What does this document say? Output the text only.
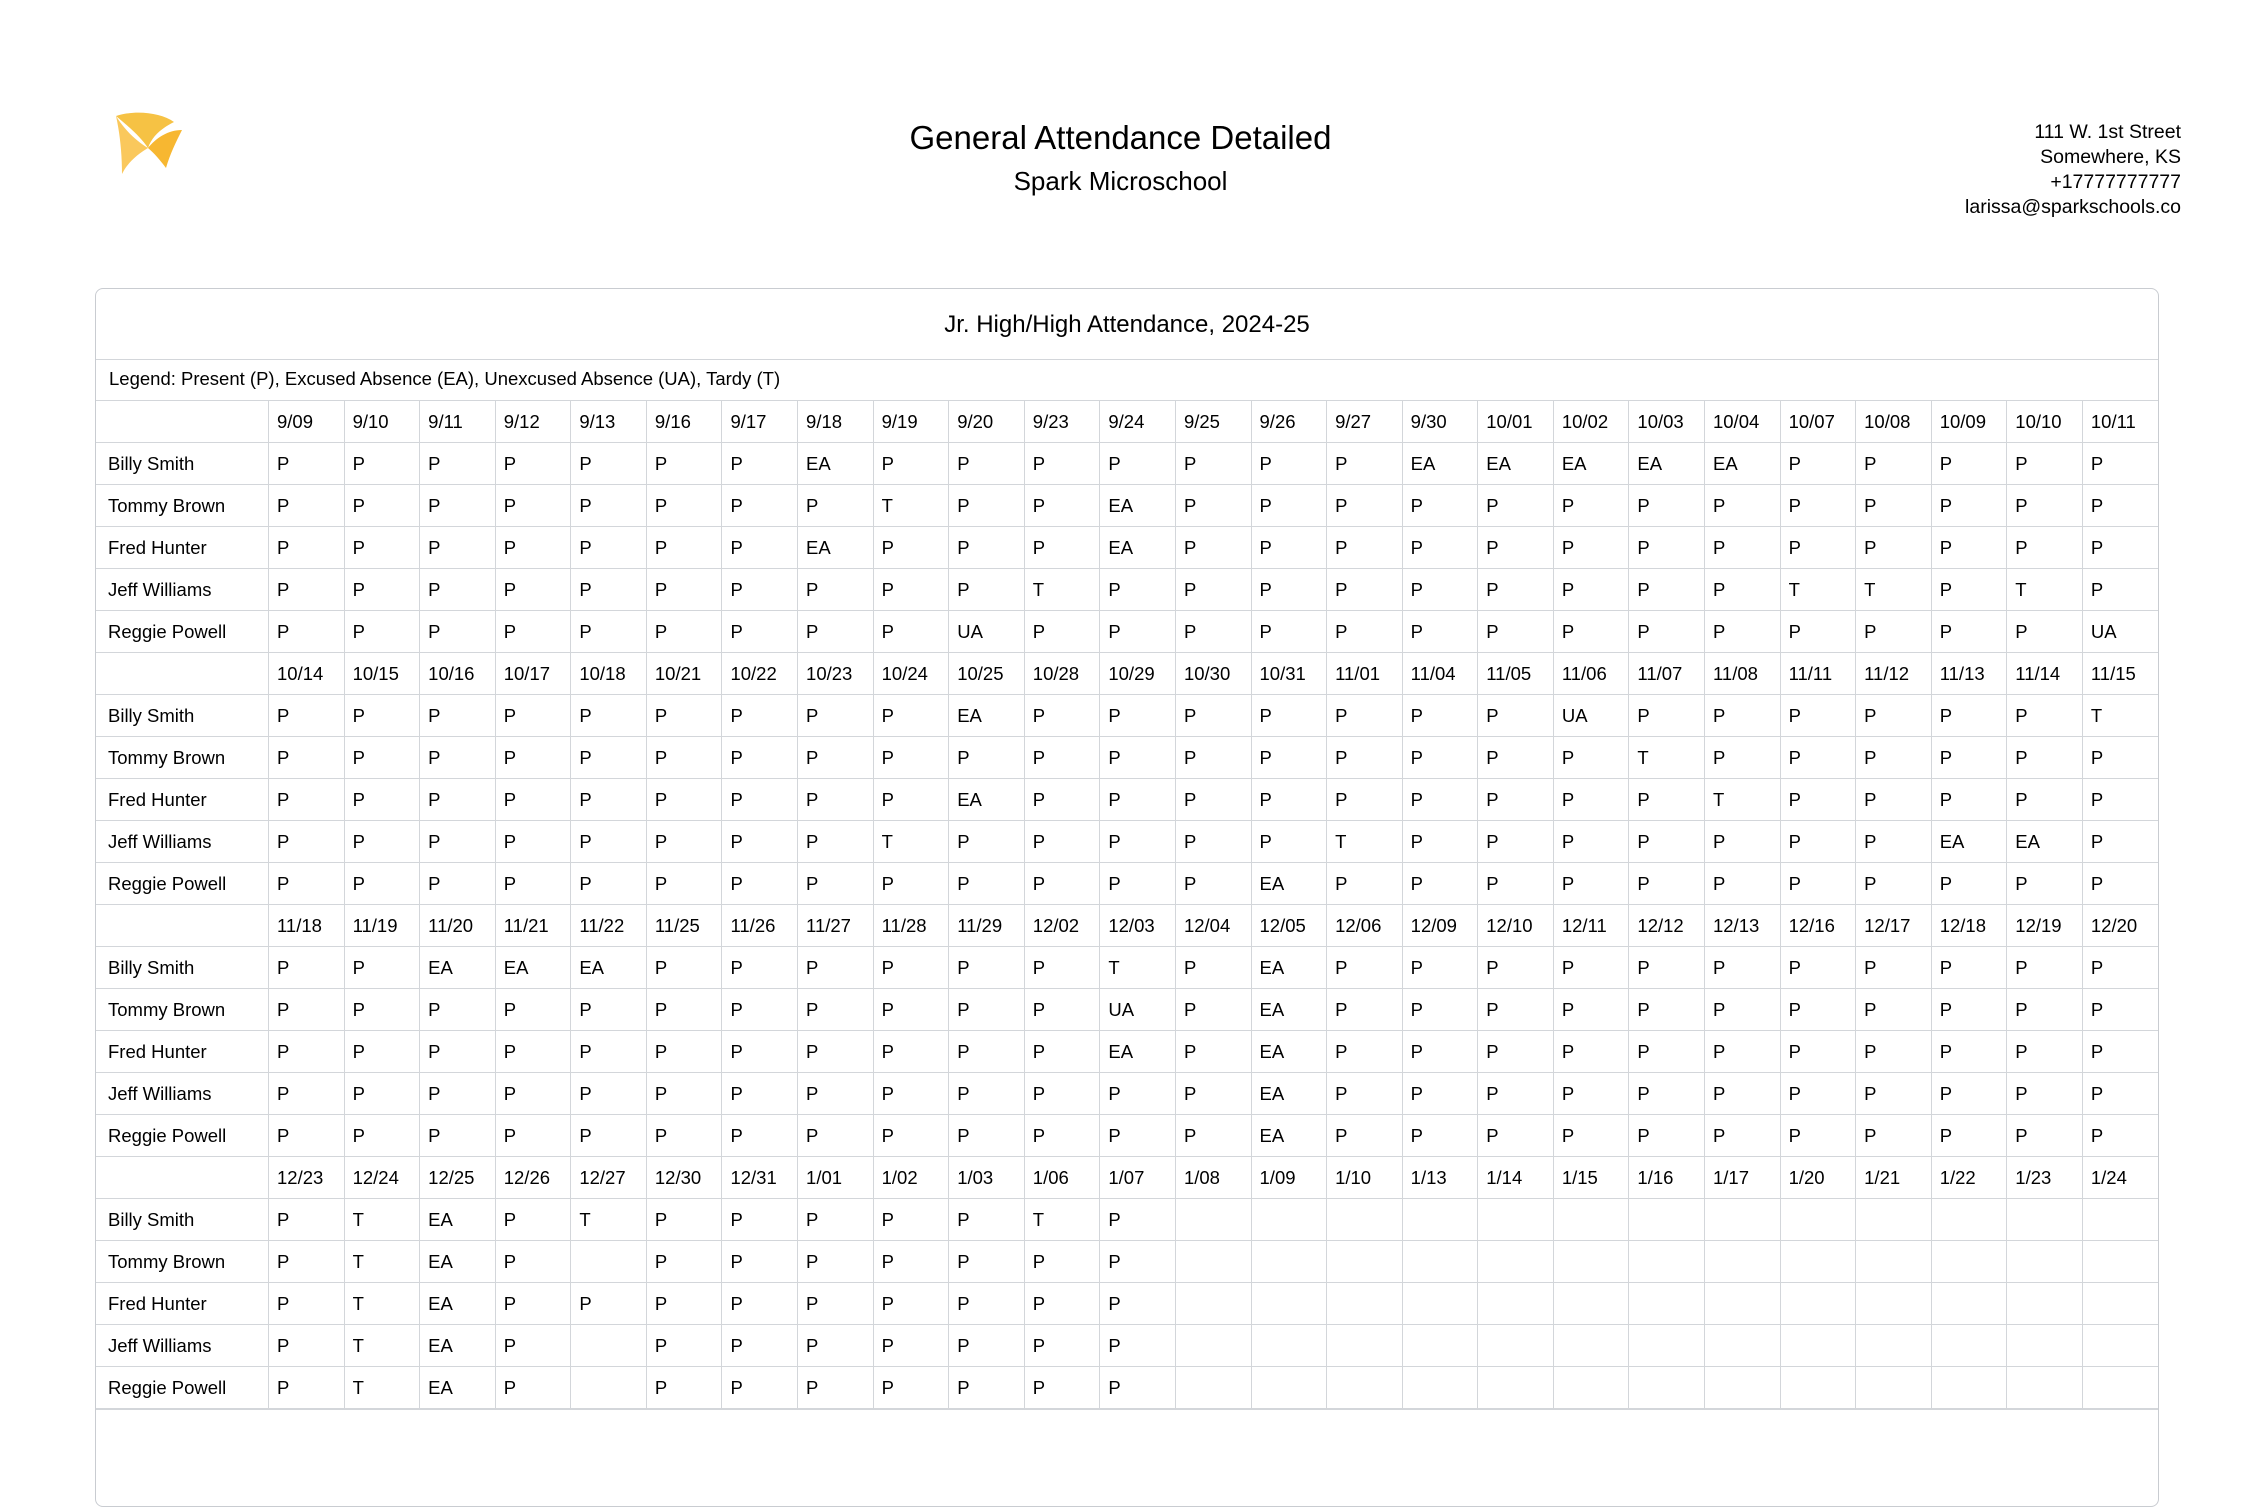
General Attendance Detailed

Spark Microschool

111 W. 1st Street
Somewhere, KS
+17777777777
larissa@sparkschools.co
Jr. High/High Attendance, 2024-25
Legend: Present (P), Excused Absence (EA), Unexcused Absence (UA), Tardy (T)
	9/09	9/10	9/11	9/12	9/13	9/16	9/17	9/18	9/19	9/20	9/23	9/24	9/25	9/26	9/27	9/30	10/01	10/02	10/03	10/04	10/07	10/08	10/09	10/10	10/11
Billy Smith	P	P	P	P	P	P	P	EA	P	P	P	P	P	P	P	EA	EA	EA	EA	EA	P	P	P	P	P
Tommy Brown	P	P	P	P	P	P	P	P	T	P	P	EA	P	P	P	P	P	P	P	P	P	P	P	P	P
Fred Hunter	P	P	P	P	P	P	P	EA	P	P	P	EA	P	P	P	P	P	P	P	P	P	P	P	P	P
Jeff Williams	P	P	P	P	P	P	P	P	P	P	T	P	P	P	P	P	P	P	P	P	T	T	P	T	P
Reggie Powell	P	P	P	P	P	P	P	P	P	UA	P	P	P	P	P	P	P	P	P	P	P	P	P	P	UA
	10/14	10/15	10/16	10/17	10/18	10/21	10/22	10/23	10/24	10/25	10/28	10/29	10/30	10/31	11/01	11/04	11/05	11/06	11/07	11/08	11/11	11/12	11/13	11/14	11/15
Billy Smith	P	P	P	P	P	P	P	P	P	EA	P	P	P	P	P	P	P	UA	P	P	P	P	P	P	T
Tommy Brown	P	P	P	P	P	P	P	P	P	P	P	P	P	P	P	P	P	P	T	P	P	P	P	P	P
Fred Hunter	P	P	P	P	P	P	P	P	P	EA	P	P	P	P	P	P	P	P	P	T	P	P	P	P	P
Jeff Williams	P	P	P	P	P	P	P	P	T	P	P	P	P	P	T	P	P	P	P	P	P	P	EA	EA	P
Reggie Powell	P	P	P	P	P	P	P	P	P	P	P	P	P	EA	P	P	P	P	P	P	P	P	P	P	P
	11/18	11/19	11/20	11/21	11/22	11/25	11/26	11/27	11/28	11/29	12/02	12/03	12/04	12/05	12/06	12/09	12/10	12/11	12/12	12/13	12/16	12/17	12/18	12/19	12/20
Billy Smith	P	P	EA	EA	EA	P	P	P	P	P	P	T	P	EA	P	P	P	P	P	P	P	P	P	P	P
Tommy Brown	P	P	P	P	P	P	P	P	P	P	P	UA	P	EA	P	P	P	P	P	P	P	P	P	P	P
Fred Hunter	P	P	P	P	P	P	P	P	P	P	P	EA	P	EA	P	P	P	P	P	P	P	P	P	P	P
Jeff Williams	P	P	P	P	P	P	P	P	P	P	P	P	P	EA	P	P	P	P	P	P	P	P	P	P	P
Reggie Powell	P	P	P	P	P	P	P	P	P	P	P	P	P	EA	P	P	P	P	P	P	P	P	P	P	P
	12/23	12/24	12/25	12/26	12/27	12/30	12/31	1/01	1/02	1/03	1/06	1/07	1/08	1/09	1/10	1/13	1/14	1/15	1/16	1/17	1/20	1/21	1/22	1/23	1/24
Billy Smith	P	T	EA	P	T	P	P	P	P	P	T	P													
Tommy Brown	P	T	EA	P		P	P	P	P	P	P	P													
Fred Hunter	P	T	EA	P	P	P	P	P	P	P	P	P													
Jeff Williams	P	T	EA	P		P	P	P	P	P	P	P													
Reggie Powell	P	T	EA	P		P	P	P	P	P	P	P													
